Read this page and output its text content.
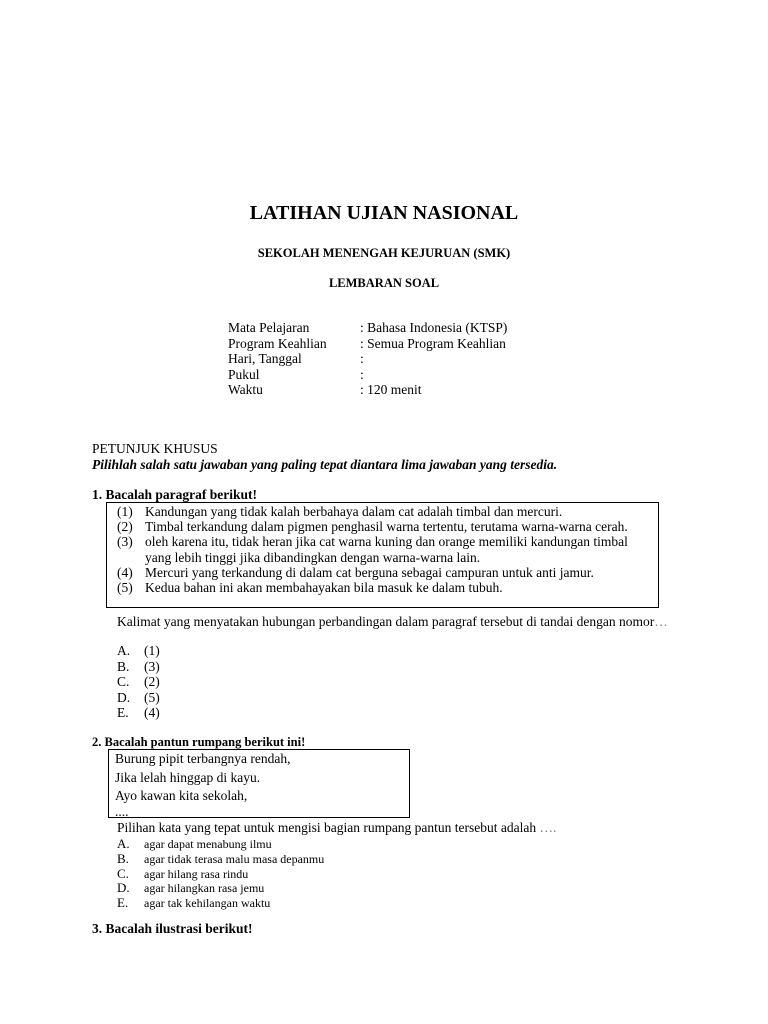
LATIHAN UJIAN NASIONAL
SEKOLAH MENENGAH KEJURUAN (SMK)
LEMBARAN SOAL
Mata Pelajaran	: Bahasa Indonesia (KTSP)
Program Keahlian	: Semua Program Keahlian
Hari, Tanggal	:
Pukul	:
Waktu	: 120 menit
PETUNJUK KHUSUS
Pilihlah salah satu jawaban yang paling tepat diantara lima jawaban yang tersedia.
1. Bacalah paragraf berikut!
(1) Kandungan yang tidak kalah berbahaya dalam cat adalah timbal dan mercuri.
(2) Timbal terkandung dalam pigmen penghasil warna tertentu, terutama warna-warna cerah.
(3) oleh karena itu, tidak heran jika cat warna kuning dan orange memiliki kandungan timbal yang lebih tinggi jika dibandingkan dengan warna-warna lain.
(4) Mercuri yang terkandung di dalam cat berguna sebagai campuran untuk anti jamur.
(5) Kedua bahan ini akan membahayakan bila masuk ke dalam tubuh.
Kalimat yang menyatakan hubungan perbandingan dalam paragraf tersebut di tandai dengan nomor…
A.	(1)
B.	(3)
C.	(2)
D.	(5)
E.	(4)
2. Bacalah pantun rumpang berikut ini!
Burung pipit terbangnya rendah,
Jika lelah hinggap di kayu.
Ayo kawan kita sekolah,
....
Pilihan kata yang tepat untuk mengisi bagian rumpang pantun tersebut adalah ….
A.	agar dapat menabung ilmu
B.	agar tidak terasa malu masa depanmu
C.	agar hilang rasa rindu
D.	agar hilangkan rasa jemu
E.	agar tak kehilangan waktu
3. Bacalah ilustrasi berikut!
